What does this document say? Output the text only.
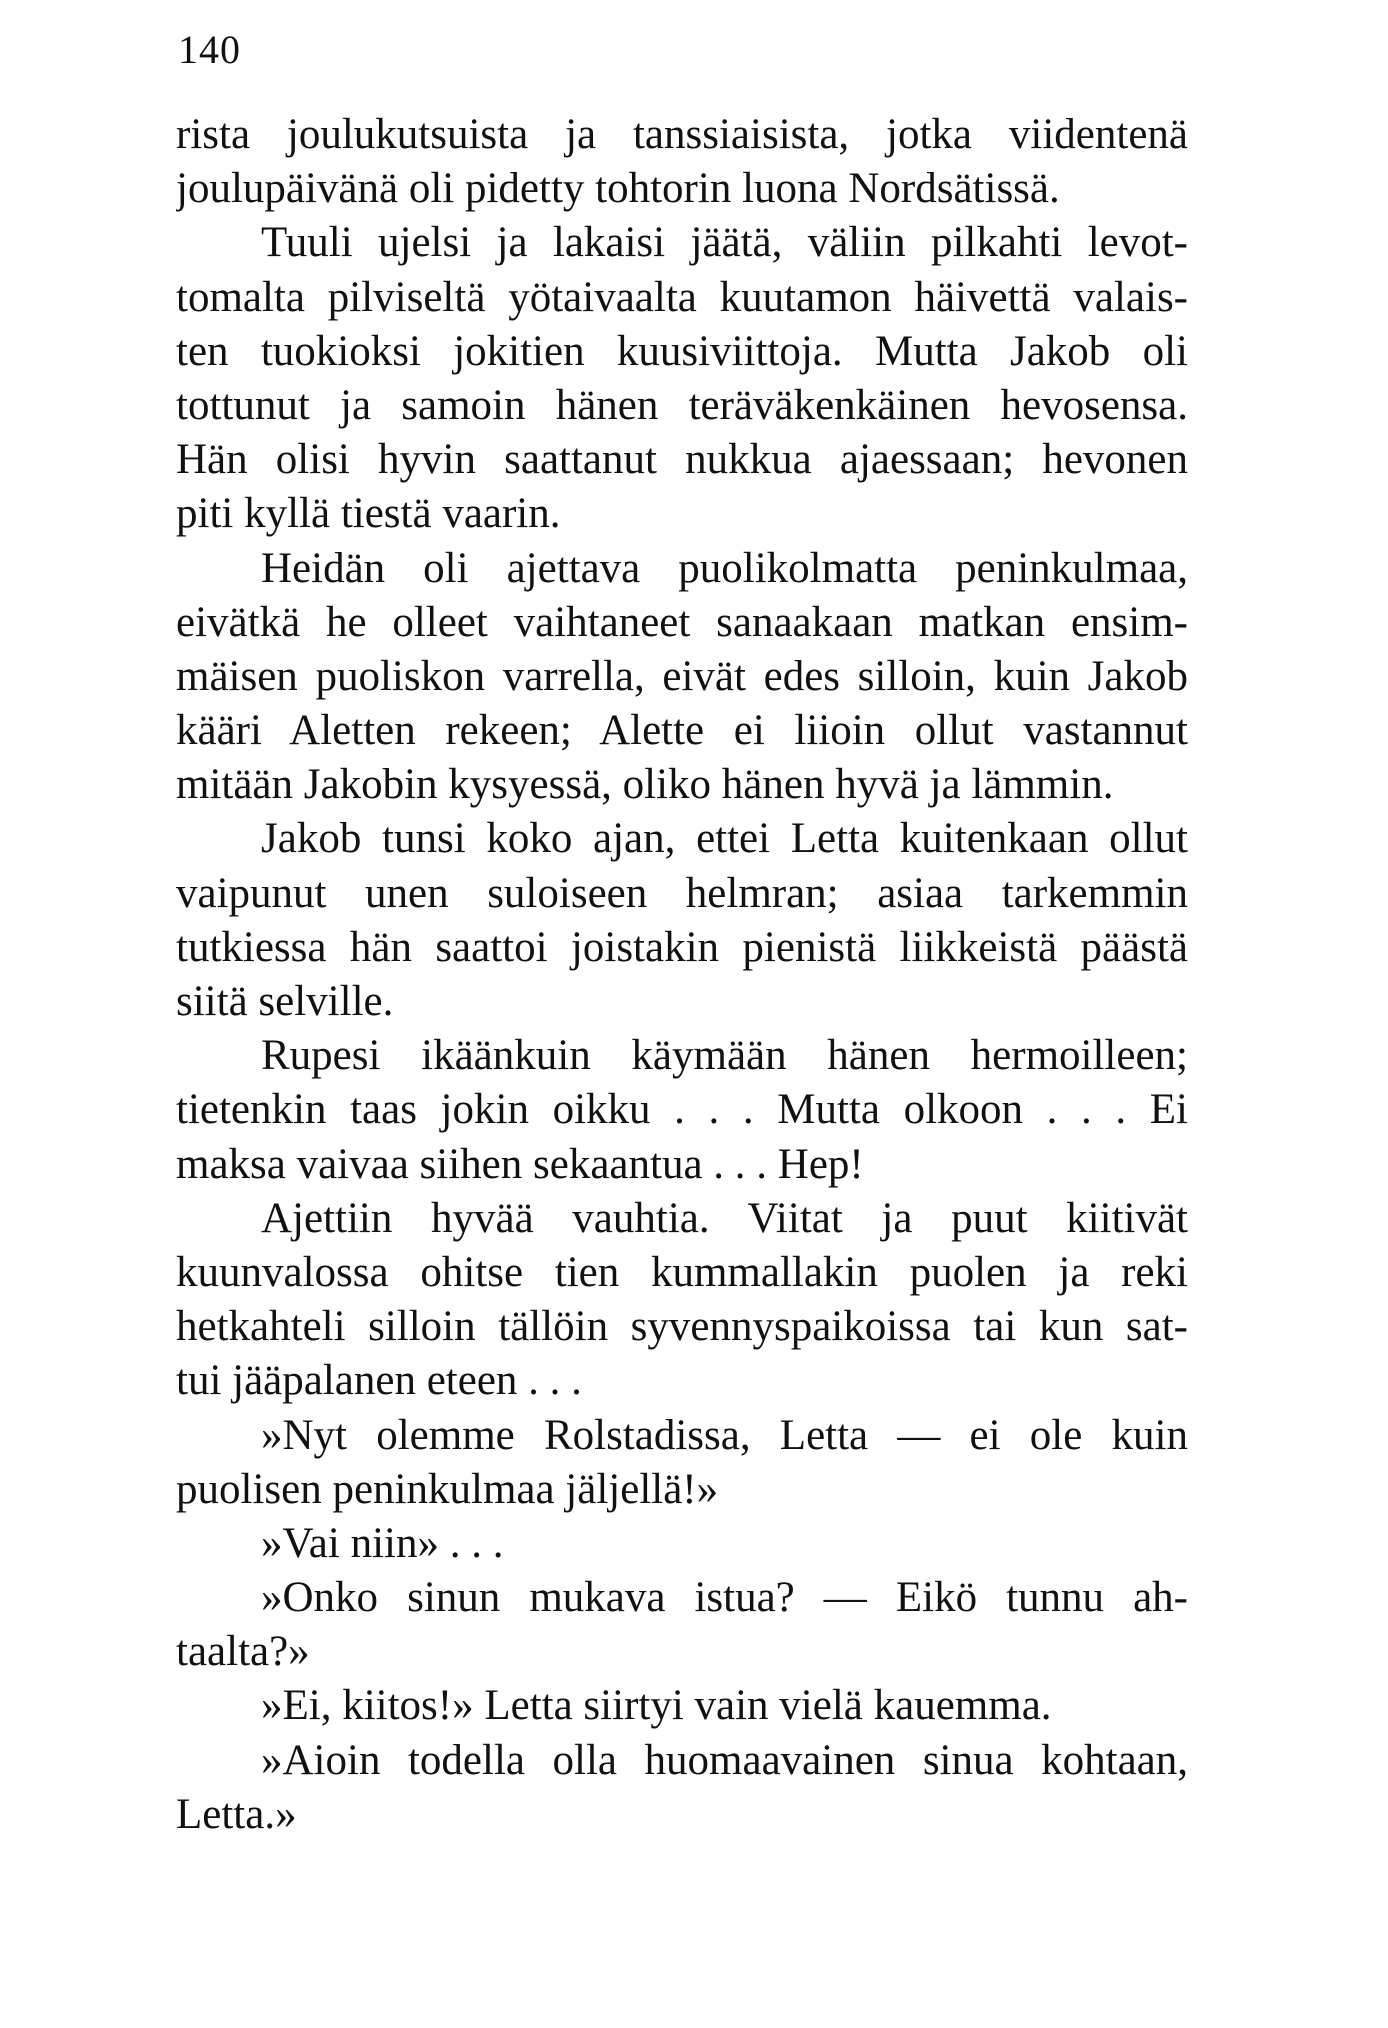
140
rista joulukutsuista ja tanssiaisista, jotka viidentenä
joulupäivänä oli pidetty tohtorin luona Nordsätissä.
Tuuli ujelsi ja lakaisi jäätä, väliin pilkahti levot-
tomalta pilviseltä yötaivaalta kuutamon häivettä valais-
ten tuokioksi jokitien kuusiviittoja. Mutta Jakob oli
tottunut ja samoin hänen teräväkenkäinen hevosensa.
Hän olisi hyvin saattanut nukkua ajaessaan; hevonen
piti kyllä tiestä vaarin.
Heidän oli ajettava puolikolmatta peninkulmaa,
eivätkä he olleet vaihtaneet sanaakaan matkan ensim-
mäisen puoliskon varrella, eivät edes silloin, kuin Jakob
kääri Aletten rekeen; Alette ei liioin ollut vastannut
mitään Jakobin kysyessä, oliko hänen hyvä ja lämmin.
Jakob tunsi koko ajan, ettei Letta kuitenkaan ollut
vaipunut unen suloiseen helmran; asiaa tarkemmin
tutkiessa hän saattoi joistakin pienistä liikkeistä päästä
siitä selville.
Rupesi ikäänkuin käymään hänen hermoilleen;
tietenkin taas jokin oikku . . . Mutta olkoon . . . Ei
maksa vaivaa siihen sekaantua . . . Hep!
Ajettiin hyvää vauhtia. Viitat ja puut kiitivät
kuunvalossa ohitse tien kummallakin puolen ja reki
hetkahteli silloin tällöin syvennyspaikoissa tai kun sat-
tui jääpalanen eteen . . .
»Nyt olemme Rolstadissa, Letta — ei ole kuin
puolisen peninkulmaa jäljellä!»
»Vai niin» . . .
»Onko sinun mukava istua? — Eikö tunnu ah-
taalta?»
»Ei, kiitos!» Letta siirtyi vain vielä kauemma.
»Aioin todella olla huomaavainen sinua kohtaan,
Letta.»
